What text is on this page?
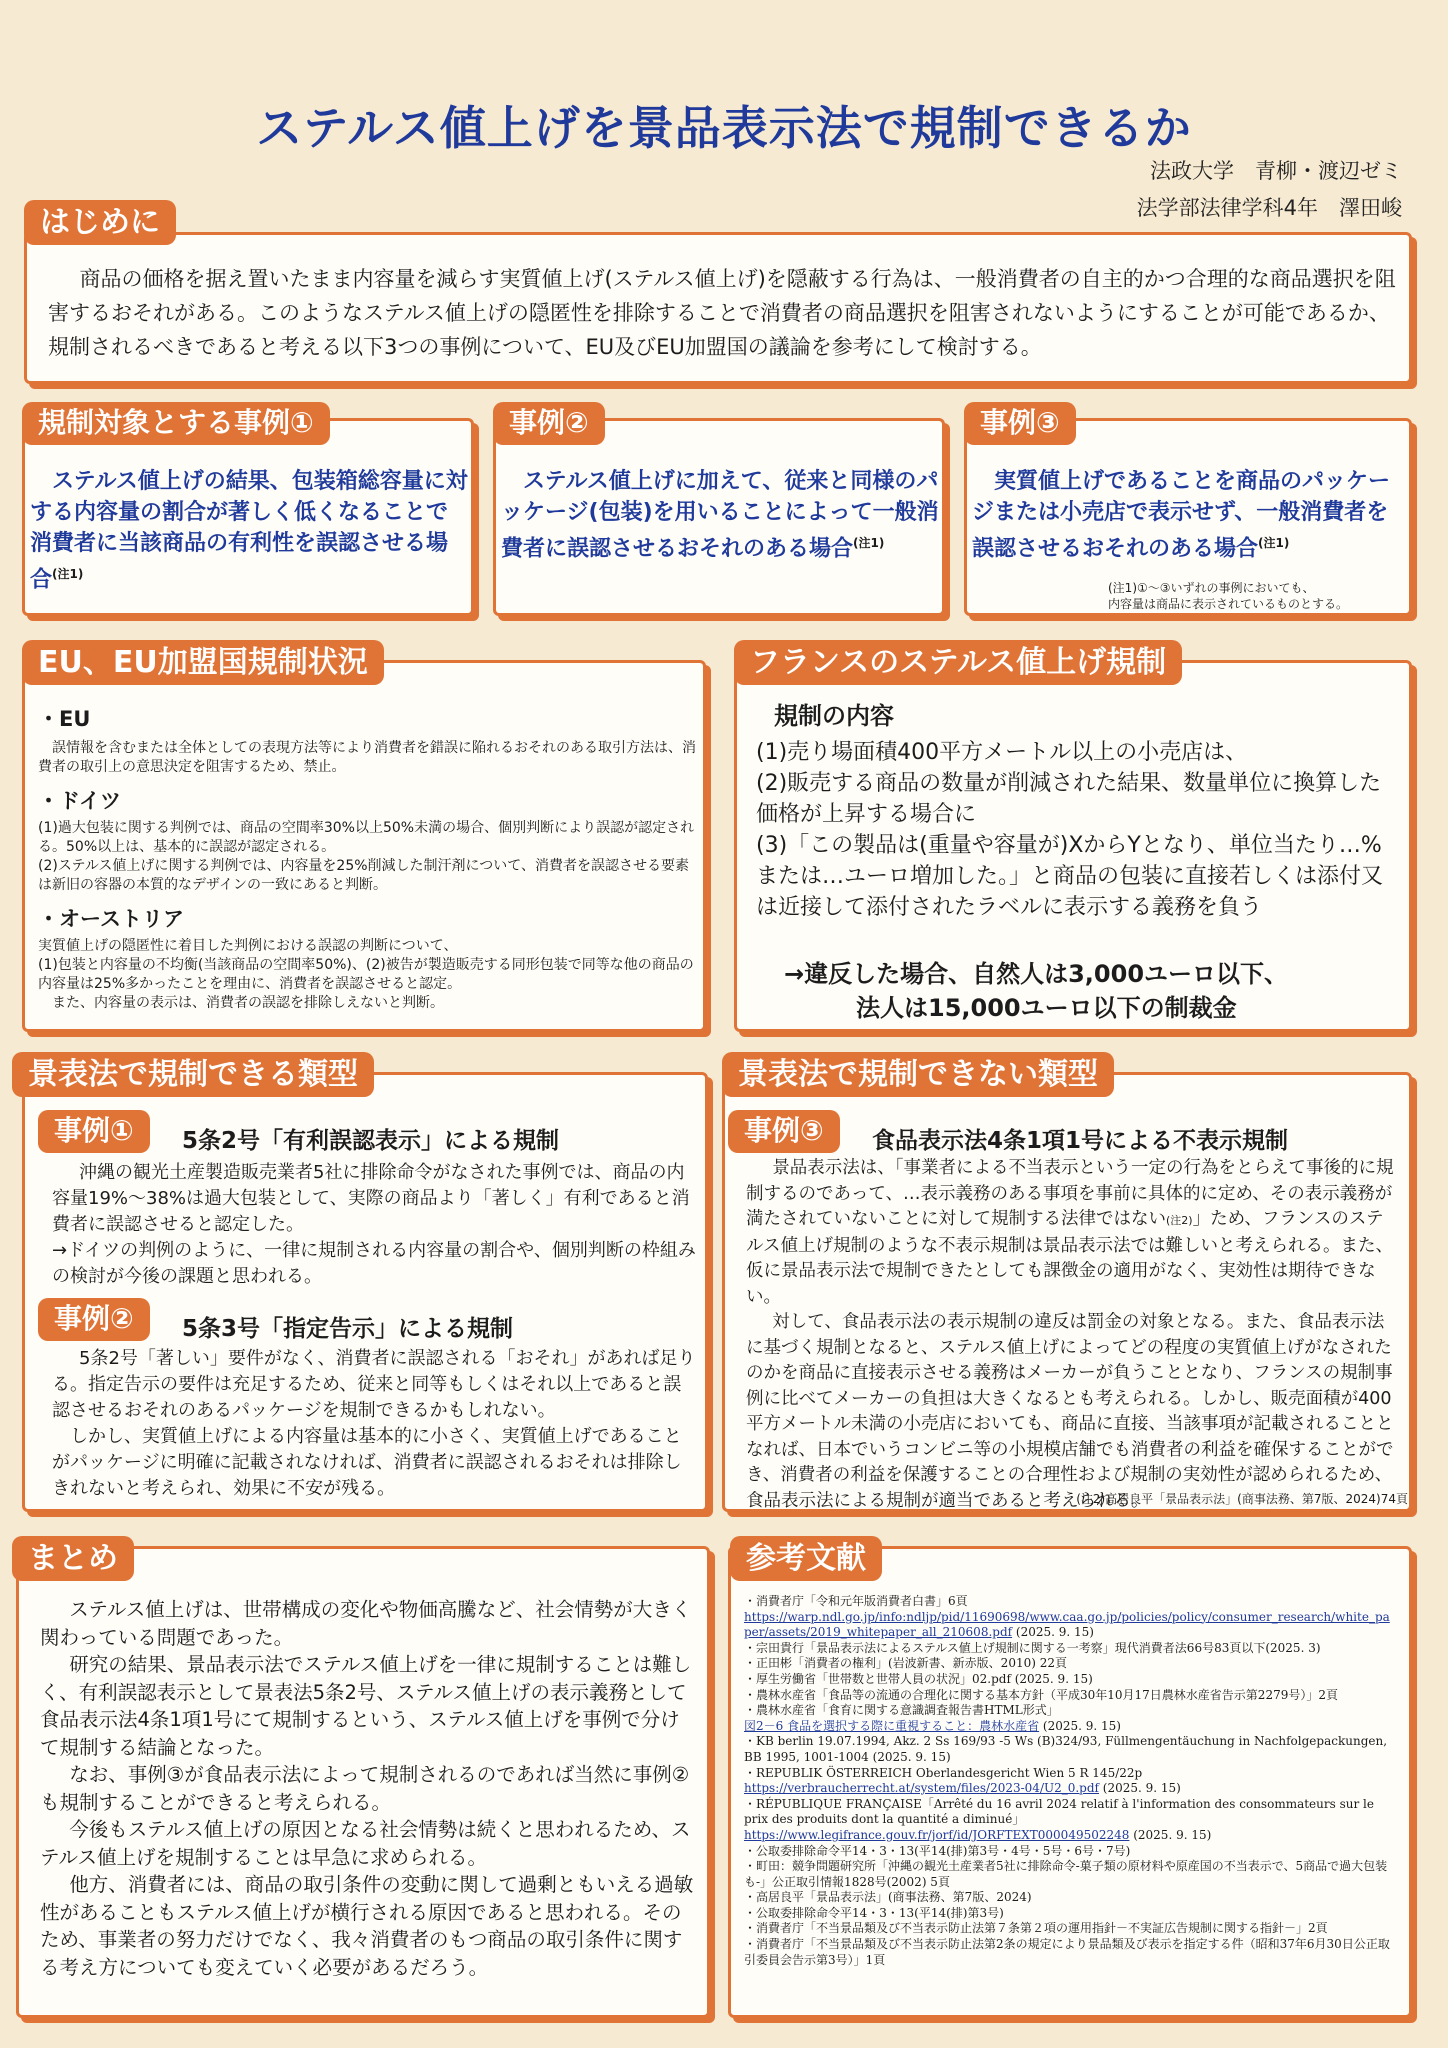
ステルス値上げを景品表示法で規制できるか
法政大学　青柳・渡辺ゼミ
法学部法律学科4年　澤田峻
はじめに
商品の価格を据え置いたまま内容量を減らす実質値上げ(ステルス値上げ)を隠蔽する行為は、一般消費者の自主的かつ合理的な商品選択を阻害するおそれがある。このようなステルス値上げの隠匿性を排除することで消費者の商品選択を阻害されないようにすることが可能であるか、規制されるべきであると考える以下3つの事例について、EU及びEU加盟国の議論を参考にして検討する。
規制対象とする事例①
ステルス値上げの結果、包装箱総容量に対する内容量の割合が著しく低くなることで消費者に当該商品の有利性を誤認させる場合$^{(注1)}$
事例②
ステルス値上げに加えて、従来と同様のパッケージ(包装)を用いることによって一般消費者に誤認させるおそれのある場合$^{(注1)}$
事例③
実質値上げであることを商品のパッケージまたは小売店で表示せず、一般消費者を誤認させるおそれのある場合$^{(注1)}$
(注1)①～③いずれの事例においても、
内容量は商品に表示されているものとする。
EU、EU加盟国規制状況
・EU
　誤情報を含むまたは全体としての表現方法等により消費者を錯誤に陥れるおそれのある取引方法は、消費者の取引上の意思決定を阻害するため、禁止。
・ドイツ
(1)過大包装に関する判例では、商品の空間率30%以上50%未満の場合、個別判断により誤認が認定される。50%以上は、基本的に誤認が認定される。
(2)ステルス値上げに関する判例では、内容量を25%削減した制汗剤について、消費者を誤認させる要素は新旧の容器の本質的なデザインの一致にあると判断。
・オーストリア
実質値上げの隠匿性に着目した判例における誤認の判断について、
(1)包装と内容量の不均衡(当該商品の空間率50%)、(2)被告が製造販売する同形包装で同等な他の商品の内容量は25%多かったことを理由に、消費者を誤認させると認定。
　また、内容量の表示は、消費者の誤認を排除しえないと判断。
フランスのステルス値上げ規制
規制の内容
(1)売り場面積400平方メートル以上の小売店は、
(2)販売する商品の数量が削減された結果、数量単位に換算した価格が上昇する場合に
(3)「この製品は(重量や容量が)XからYとなり、単位当たり…%または…ユーロ増加した。」と商品の包装に直接若しくは添付又は近接して添付されたラベルに表示する義務を負う
→違反した場合、自然人は3,000ユーロ以下、
法人は15,000ユーロ以下の制裁金
景表法で規制できる類型
事例①	5条2号「有利誤認表示」による規制
沖縄の観光土産製造販売業者5社に排除命令がなされた事例では、商品の内容量19%～38%は過大包装として、実際の商品より「著しく」有利であると消費者に誤認させると認定した。
→ドイツの判例のように、一律に規制される内容量の割合や、個別判断の枠組みの検討が今後の課題と思われる。
事例②	5条3号「指定告示」による規制
5条2号「著しい」要件がなく、消費者に誤認される「おそれ」があれば足りる。指定告示の要件は充足するため、従来と同等もしくはそれ以上であると誤認させるおそれのあるパッケージを規制できるかもしれない。
　しかし、実質値上げによる内容量は基本的に小さく、実質値上げであることがパッケージに明確に記載されなければ、消費者に誤認されるおそれは排除しきれないと考えられ、効果に不安が残る。
景表法で規制できない類型
事例③	食品表示法4条1項1号による不表示規制
景品表示法は、「事業者による不当表示という一定の行為をとらえて事後的に規制するのであって、…表示義務のある事項を事前に具体的に定め、その表示義務が満たされていないことに対して規制する法律ではない(注2)」ため、フランスのステルス値上げ規制のような不表示規制は景品表示法では難しいと考えられる。また、仮に景品表示法で規制できたとしても課徴金の適用がなく、実効性は期待できない。
対して、食品表示法の表示規制の違反は罰金の対象となる。また、食品表示法に基づく規制となると、ステルス値上げによってどの程度の実質値上げがなされたのかを商品に直接表示させる義務はメーカーが負うこととなり、フランスの規制事例に比べてメーカーの負担は大きくなるとも考えられる。しかし、販売面積が400平方メートル未満の小売店においても、商品に直接、当該事項が記載されることとなれば、日本でいうコンビニ等の小規模店舗でも消費者の利益を確保することができ、消費者の利益を保護することの合理性および規制の実効性が認められるため、食品表示法による規制が適当であると考えられる。
(注2)高居良平「景品表示法」(商事法務、第7版、2024)74頁
まとめ
ステルス値上げは、世帯構成の変化や物価高騰など、社会情勢が大きく関わっている問題であった。
研究の結果、景品表示法でステルス値上げを一律に規制することは難しく、有利誤認表示として景表法5条2号、ステルス値上げの表示義務として食品表示法4条1項1号にて規制するという、ステルス値上げを事例で分けて規制する結論となった。
なお、事例③が食品表示法によって規制されるのであれば当然に事例②も規制することができると考えられる。
今後もステルス値上げの原因となる社会情勢は続くと思われるため、ステルス値上げを規制することは早急に求められる。
他方、消費者には、商品の取引条件の変動に関して過剰ともいえる過敏性があることもステルス値上げが横行される原因であると思われる。そのため、事業者の努力だけでなく、我々消費者のもつ商品の取引条件に関する考え方についても変えていく必要があるだろう。
参考文献
・消費者庁「令和元年版消費者白書」6頁
https://warp.ndl.go.jp/info:ndljp/pid/11690698/www.caa.go.jp/policies/policy/consumer_research/white_paper/assets/2019_whitepaper_all_210608.pdf (2025. 9. 15)
・宗田貴行「景品表示法によるステルス値上げ規制に関する一考察」現代消費者法66号83頁以下(2025. 3)
・正田彬「消費者の権利」(岩波新書、新赤版、2010) 22頁
・厚生労働省「世帯数と世帯人員の状況」02.pdf (2025. 9. 15)
・農林水産省「食品等の流通の合理化に関する基本方針（平成30年10月17日農林水産省告示第2279号）」2頁
・農林水産省「食育に関する意識調査報告書HTML形式」
図2－6 食品を選択する際に重視すること：農林水産省 (2025. 9. 15)
・KB berlin 19.07.1994, Akz. 2 Ss 169/93 -5 Ws (B)324/93, Füllmengentäuchung in Nachfolgepackungen, BB 1995, 1001-1004 (2025. 9. 15)
・REPUBLIK ÖSTERREICH Oberlandesgericht Wien 5 R 145/22p
https://verbraucherrecht.at/system/files/2023-04/U2_0.pdf (2025. 9. 15)
・RÉPUBLIQUE FRANÇAISE「Arrêté du 16 avril 2024 relatif à l'information des consommateurs sur le prix des produits dont la quantité a diminué」
https://www.legifrance.gouv.fr/jorf/id/JORFTEXT000049502248 (2025. 9. 15)
・公取委排除命令平14・3・13(平14(排)第3号・4号・5号・6号・7号)
・町田：競争問題研究所「沖縄の観光土産業者5社に排除命令-菓子類の原材料や原産国の不当表示で、5商品で過大包装も-」公正取引情報1828号(2002) 5頁
・高居良平「景品表示法」(商事法務、第7版、2024)
・公取委排除命令平14・3・13(平14(排)第3号)
・消費者庁「不当景品類及び不当表示防止法第７条第２項の運用指針－不実証広告規制に関する指針－」2頁
・消費者庁「不当景品類及び不当表示防止法第2条の規定により景品類及び表示を指定する件（昭和37年6月30日公正取引委員会告示第3号）」1頁
